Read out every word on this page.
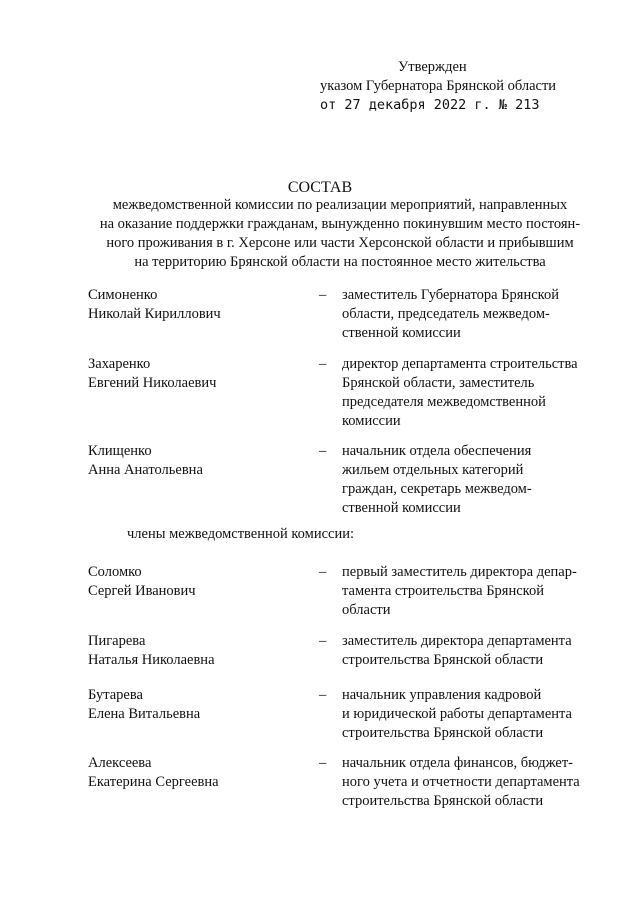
Утвержден
указом Губернатора Брянской области
от 27 декабря 2022 г. № 213
СОСТАВ
межведомственной комиссии по реализации мероприятий, направленных
на оказание поддержки гражданам, вынужденно покинувшим место постоян-
ного проживания в г. Херсоне или части Херсонской области и прибывшим
на территорию Брянской области на постоянное место жительства
Симоненко
Николай Кириллович
– заместитель Губернатора Брянской
области, председатель межведом-
ственной комиссии
Захаренко
Евгений Николаевич
– директор департамента строительства
Брянской области, заместитель
председателя межведомственной
комиссии
Клищенко
Анна Анатольевна
– начальник отдела обеспечения
жильем отдельных категорий
граждан, секретарь межведом-
ственной комиссии
члены межведомственной комиссии:
Соломко
Сергей Иванович
– первый заместитель директора депар-
тамента строительства Брянской
области
Пигарева
Наталья Николаевна
– заместитель директора департамента
строительства Брянской области
Бутарева
Елена Витальевна
– начальник управления кадровой
и юридической работы департамента
строительства Брянской области
Алексеева
Екатерина Сергеевна
– начальник отдела финансов, бюджет-
ного учета и отчетности департамента
строительства Брянской области
